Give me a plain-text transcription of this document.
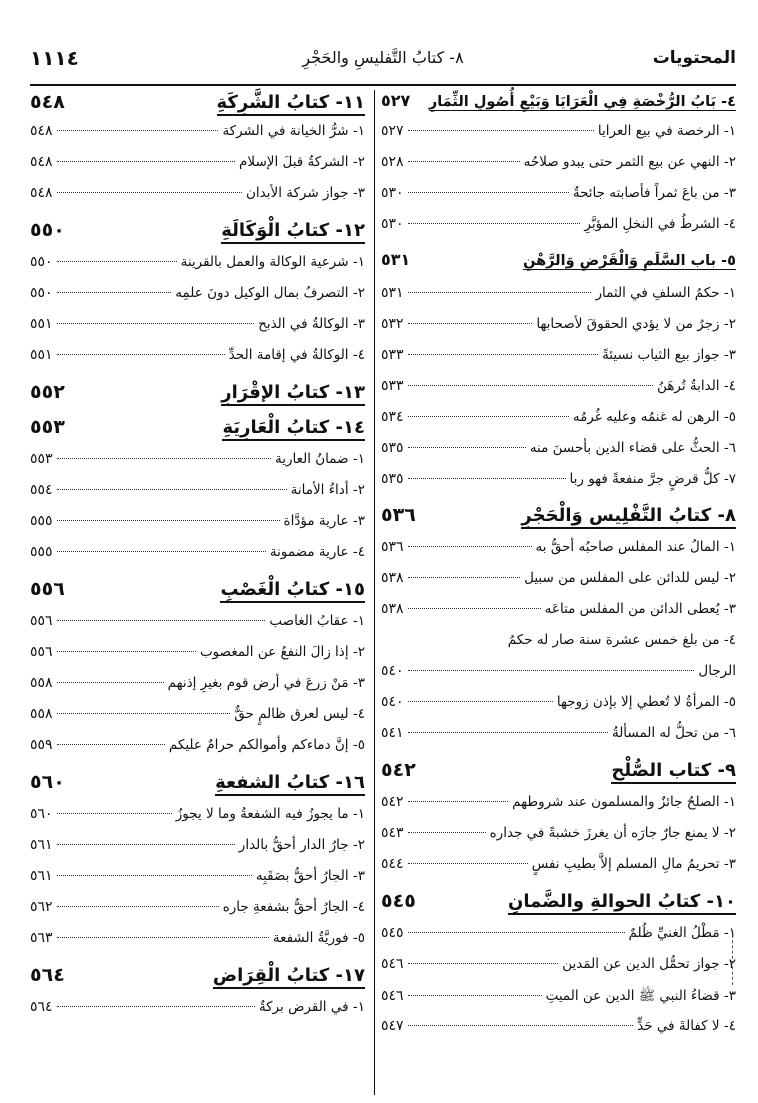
المحتويات
٨- كتابُ التَّفليسِ والحَجْرِ
١١١٤
٤- بَابُ الرُّخْصَةِ فِي الْعَرَايَا وَبَيْعِ أُصُولِ الثِّمَارِ
٥٢٧
١- الرخصة في بيع العرايا
٥٢٧
٢- النهي عن بيع الثمر حتى يبدو صلاحُه
٥٢٨
٣- من باعَ ثمراً فأصابته جائحةٌ
٥٣٠
٤- الشرطُ في النخلِ المؤبَّرِ
٥٣٠
٥- باب السَّلَمِ وَالْقَرْضِ وَالرَّهْنِ
٥٣١
١- حكمُ السلفِ في الثمار
٥٣١
٢- زجرُ من لا يؤدي الحقوقَ لأصحابها
٥٣٢
٣- جواز بيع الثياب نسيئةً
٥٣٣
٤- الدابةُ تُرهَنُ
٥٣٣
٥- الرهن له غنمُه وعليه غُرمُه
٥٣٤
٦- الحثُّ على قضاء الدين بأحسنَ منه
٥٣٥
٧- كلُّ قرضٍ جرَّ منفعةً فهو ربا
٥٣٥
٨- كتابُ التَّفْلِيسِ وَالْحَجْرِ
٥٣٦
١- المالُ عند المفلس صاحبُه أحقُّ به
٥٣٦
٢- ليس للدائن على المفلس من سبيل
٥٣٨
٣- يُعطى الدائن من المفلس متاعَه
٥٣٨
٤- من بلغ خمس عشرة سنة صار له حكمُ
الرجال
٥٤٠
٥- المرأةُ لا تُعطي إلا بإذن زوجها
٥٤٠
٦- من تحلُّ له المسألةُ
٥٤١
٩- كتاب الصُّلْحِ
٥٤٢
١- الصلحُ جائزٌ والمسلمون عند شروطهم
٥٤٢
٢- لا يمنع جارٌ جارَه أن يغرزَ خشبةً في جداره
٥٤٣
٣- تحريمُ مالِ المسلم إلاَّ بطيبِ نفسٍ
٥٤٤
١٠- كتابُ الحوالةِ والضَّمانِ
٥٤٥
١- مَطْلُ الغنيِّ ظُلمٌ
٥٤٥
٢- جواز تحمُّل الدين عن المَدين
٥٤٦
٣- قضاءُ النبي ﷺ الدين عن الميتِ
٥٤٦
٤- لا كفالةَ في حَدٍّ
٥٤٧
١١- كتابُ الشَّرِكَةِ
٥٤٨
١- شرُّ الخيانة في الشركة
٥٤٨
٢- الشركةُ قبلَ الإسلام
٥٤٨
٣- جواز شركة الأبدان
٥٤٨
١٢- كتابُ الْوَكَالَةِ
٥٥٠
١- شرعية الوكالة والعمل بالقرينة
٥٥٠
٢- التصرفُ بمال الوكيل دونَ علمِه
٥٥٠
٣- الوكالةُ في الذبح
٥٥١
٤- الوكالةُ في إقامة الحدِّ
٥٥١
١٣- كتابُ الإقْرَارِ
٥٥٢
١٤- كتابُ الْعَارِيَةِ
٥٥٣
١- ضمانُ العارية
٥٥٣
٢- أداءُ الأمانة
٥٥٤
٣- عارية مؤدَّاة
٥٥٥
٤- عارية مضمونة
٥٥٥
١٥- كتابُ الْغَصْبِ
٥٥٦
١- عقابُ الغاصب
٥٥٦
٢- إذا زالَ النفعُ عن المغصوب
٥٥٦
٣- مَنْ زرعَ في أرض قوم بغيرِ إذنهم
٥٥٨
٤- ليس لعرق ظالمٍ حقٌّ
٥٥٨
٥- إنَّ دماءكم وأموالكم حرامٌ عليكم
٥٥٩
١٦- كتابُ الشفعةِ
٥٦٠
١- ما يجوزُ فيه الشفعةُ وما لا يجوزُ
٥٦٠
٢- جارُ الدار أحقُّ بالدار
٥٦١
٣- الجارُ أحقُّ بصَقَبِه
٥٦١
٤- الجارُ أحقُّ بشفعةِ جاره
٥٦٢
٥- فوريَّةُ الشفعة
٥٦٣
١٧- كتابُ الْقِرَاضِ
٥٦٤
١- في القرض بركةٌ
٥٦٤
